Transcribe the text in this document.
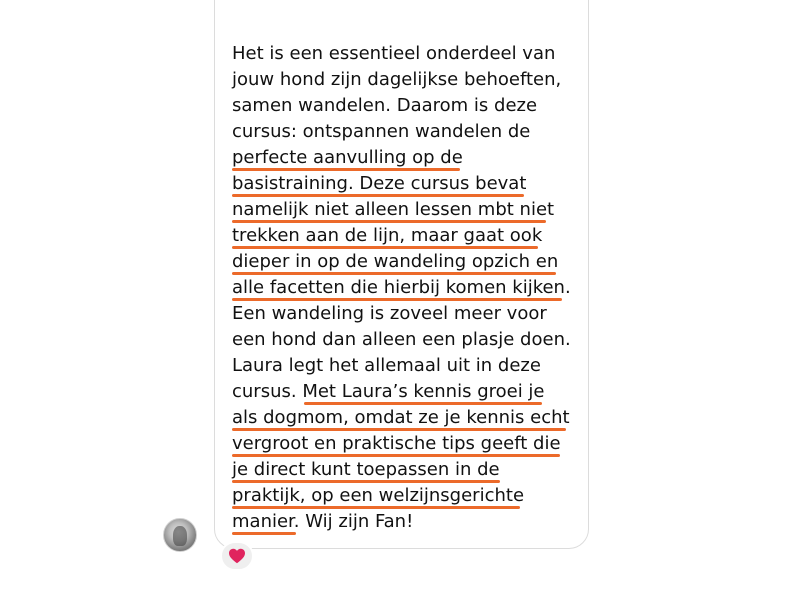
Het is een essentieel onderdeel van
jouw hond zijn dagelijkse behoeften,
samen wandelen. Daarom is deze
cursus: ontspannen wandelen de
perfecte aanvulling op de
basistraining. Deze cursus bevat
namelijk niet alleen lessen mbt niet
trekken aan de lijn, maar gaat ook
dieper in op de wandeling opzich en
alle facetten die hierbij komen kijken.
Een wandeling is zoveel meer voor
een hond dan alleen een plasje doen.
Laura legt het allemaal uit in deze
cursus. Met Laura’s kennis groei je
als dogmom, omdat ze je kennis echt
vergroot en praktische tips geeft die
je direct kunt toepassen in de
praktijk, op een welzijnsgerichte
manier. Wij zijn Fan!
